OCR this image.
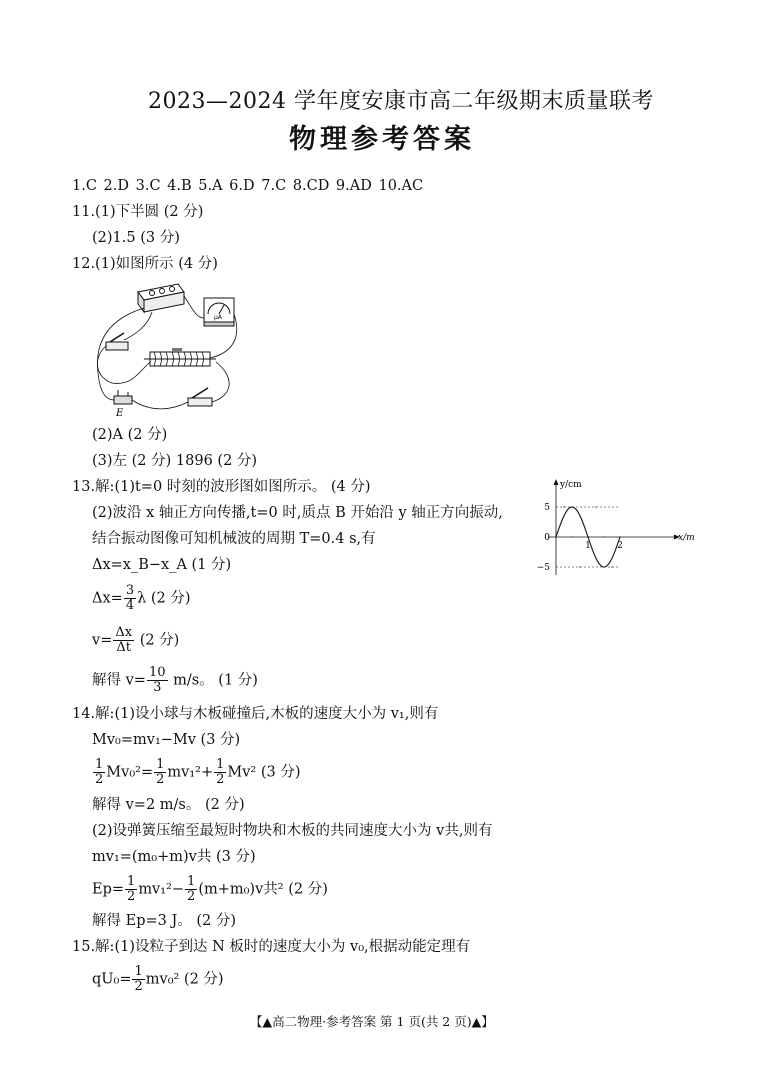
2023—2024 学年度安康市高二年级期末质量联考
物理参考答案
1.C 2.D 3.C 4.B 5.A 6.D 7.C 8.CD 9.AD 10.AC
11.(1)下半圆 (2 分)
(2)1.5 (3 分)
12.(1)如图所示 (4 分)
μA
E
(2)A (2 分)
(3)左 (2 分) 1896 (2 分)
13.解:(1)t=0 时刻的波形图如图所示。 (4 分)
(2)波沿 x 轴正方向传播,t=0 时,质点 B 开始沿 y 轴正方向振动,
结合振动图像可知机械波的周期 T=0.4 s,有
Δx=x_B−x_A (1 分)
$\Delta x= \frac{3}{4}$ λ (2 分)
$v= \frac{\Delta x}{\Delta t} (2$ 分)
解得 $v= \frac{10}{3} m/s$。 (1 分)
y/cm
x/m
5
0
−5
1	2
14.解:(1)设小球与木板碰撞后,木板的速度大小为 v₁,则有
Mv₀=mv₁−Mv (3 分)
$\frac{1}{2} Mv_0^2= \frac{1}{2} mv_1^2+ \frac{1}{2} Mv^2$ (3 分)
解得 v=2 m/s。 (2 分)
(2)设弹簧压缩至最短时物块和木板的共同速度大小为 v共,则有
mv₁=(m₀+m)v共 (3 分)
$Ep= \frac{1}{2} mv_1^2- \frac{1}{2} (m+m_0)v$共² (2 分)
解得 Ep=3 J。 (2 分)
15.解:(1)设粒子到达 N 板时的速度大小为 v₀,根据动能定理有
$qU_0= \frac{1}{2} mv_0^2$ (2 分)
【▲高二物理·参考答案 第 1 页(共 2 页)▲】
